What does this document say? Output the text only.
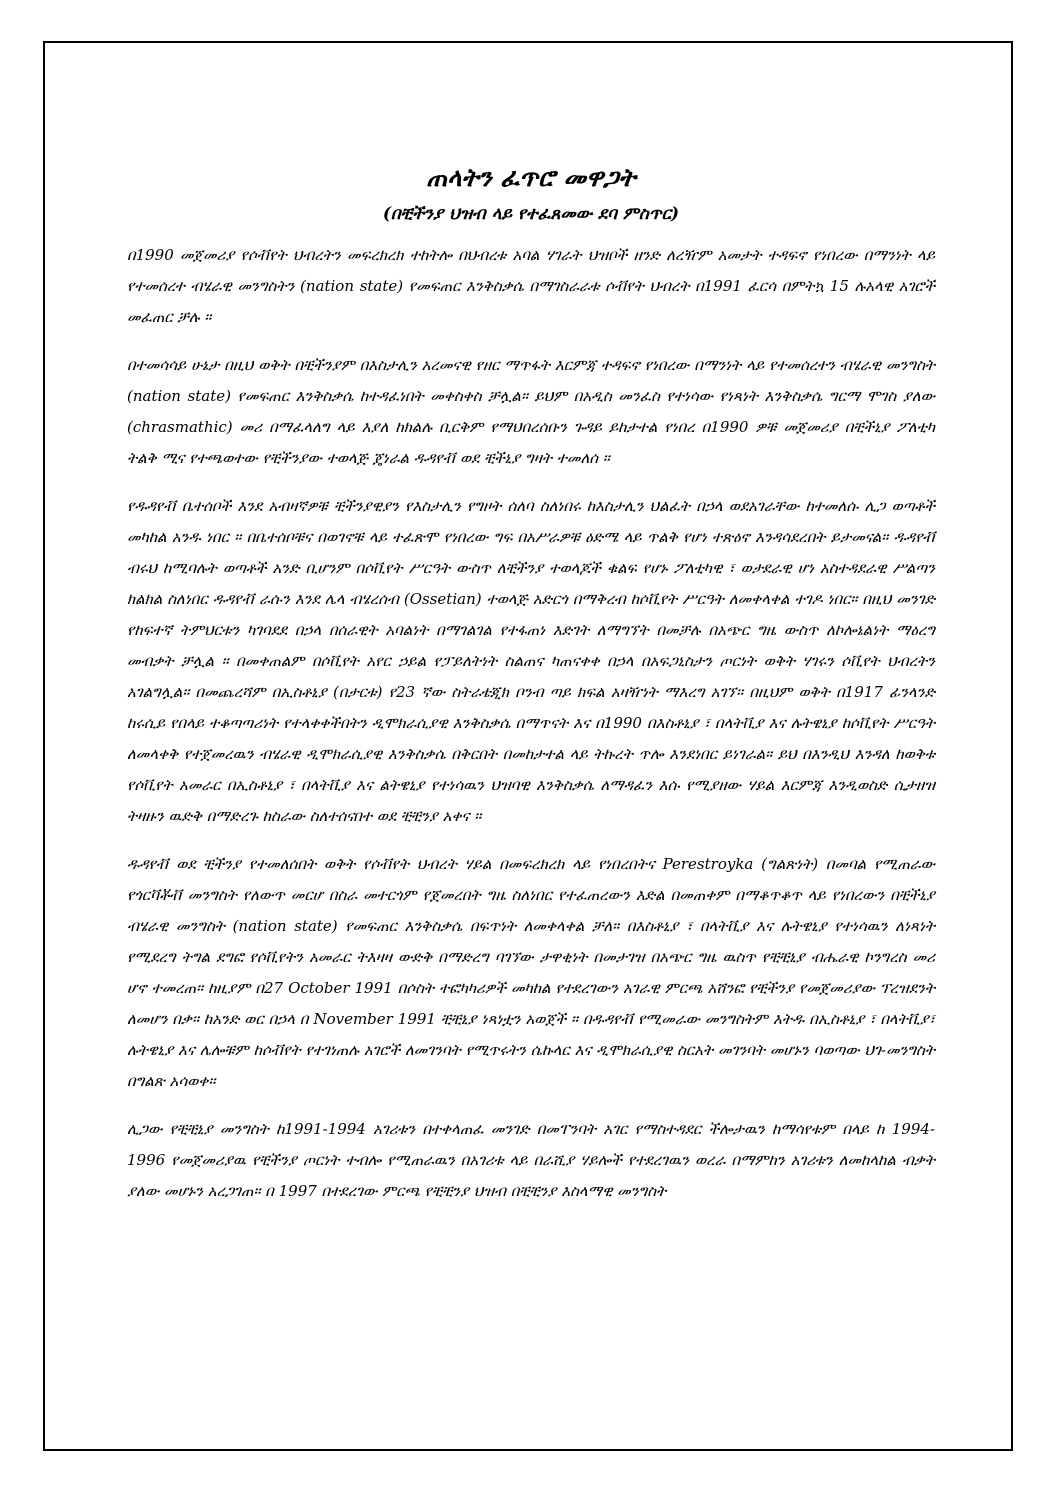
ጠላትን ፈጥሮ መዋጋት
(በቺችንያ ህዝብ ላይ የተፈጸመው ደባ ምስጥር)

በ1990 መጀመሪያ የሶቭየት ህብረትን መፍረክረክ ተከትሎ በህብረቱ አባል ሃገራት ህዝቦች ዘንድ ለረዥም አመታት ተዳፍኖ የነበረው በማንነት ላይ የተመሰረተ ብሄራዊ መንግስትን (nation state) የመፍጠር እንቅስቃሴ በማገስራራቱ ሶቭየት ህብረት በ1991 ፈርሳ በምትኳ 15 ሉአላዊ አገሮች መፈጠር ቻሉ ።

በተመሳሳይ ሁኔታ በዚህ ወቅት በቺችንያም በእስታሊን አረመናዊ የዘር ማጥፋት እርምጃ ተዳፍኖ የነበረው በማንነት ላይ የተመሰረተን ብሄራዊ መንግስት (nation state) የመፍጠር እንቅስቃሴ ከተዳፈነበት መቀስቀስ ቻሏል። ይህም በአዲስ መንፈስ የተነሳው የነጻነት እንቅስቃሴ ግርማ ሞገስ ያለው (chrasmathic) መሪ በማፈላለግ ላይ እያለ ከክልሉ ቢርቅም የማህበረሰቡን ጉዳይ ይከታተል የነበረ በ1990 ዎቹ መጀመሪያ በቺችኒያ ፖለቲካ ትልቅ ሚና የተጫወተው የቺችንያው ተወላጅ ጄነራል ዱዳየቭ ወደ ቺችኒያ ግዛት ተመለሰ ።

የዱዳየቭ ቤተሰቦች እንደ አብዛኛዎቹ ቺችንያዊያን የእስታሊን የግዞት ሰለባ ስለነበሩ ከእስታሊን ህልፈት በኃላ ወደአገራቸው ከተመለሱ ሊጋ ወጣቶች መካከል አንዱ ነበር ። በቤተሰቦቹና በወገኖቹ ላይ ተፈጽሞ የነበረው ግፍ በአሥራዎቹ ዕድሜ ላይ ጥልቅ የሆነ ተጽዕኖ እንዳሳደረበት ይታመናል። ዱዳየቭ ብሩህ ከሚባሉት ወጣቶች አንድ ቢሆንም በሶቪየት ሥርዓት ውስጥ ለቺችንያ ተወላጆች ቁልፍ የሆኑ ፖለቲካዊ ፣ ወታደራዊ ሆነ አስተዳደራዊ ሥልጣን ክልክል ስለነበር ዱዳየቭ ራሱን እንደ ሌላ ብሄረሰብ (Ossetian) ተወላጅ አድርጎ በማቅረብ ከሶቪየት ሥርዓት ለመቀላቀል ተገዶ ነበር። በዚህ መንገድ የከፍተኛ ትምህርቱን ካገባደደ በኃላ በሰራዊት አባልነት በማገልገል የተፋጠነ እድገት ለማግኘት በመቻሉ በአጭር ግዜ ውስጥ ለኮሎኔልነት ማዕረግ መብቃት ቻሏል ። በመቀጠልም በሶቪየት አየር ኃይል የፓይለትነት ስልጠና ካጠናቀቀ በኃላ በአፍጋኒስታን ጦርነት ወቅት ሃገሩን ሶቪየት ህብረትን አገልግሏል። በመጨረሻም በኢስቶኒያ (በታርቱ) የ23 ኛው ስትራቴጂክ ቦንብ ጣይ ክፍል አዛዥነት ማእረግ አገኘ። በዚህም ወቅት በ1917 ፊንላንድ ከሩሲይ የበላይ ተቆጣጣሪነት የተላቀቀችበትን ዲሞክራሲያዊ እንቅስቃሴ በማጥናት እና በ1990 በእስቶኒያ ፣ በላትቪያ እና ሉትዌኒያ ከሶቪየት ሥርዓት ለመላቀቅ የተጀመረዉን ብሄራዊ ዲሞክራሲያዊ እንቅስቃሴ በቅርበት በመከታተል ላይ ትኩረት ጥሎ እንደነበር ይነገራል። ይህ በእንዲህ እንዳለ ከወቅቱ የሶቪየት አመራር በኢስቶኒያ ፣ በላትቪያ እና ልትዌኒያ የተነሳዉን ህዝባዊ እንቅስቃሴ ለማዳፈን እሱ የሚያዘው ሃይል እርምጃ እንዲወስድ ሲታዘዝ ትዛዙን ዉድቅ በማድረጉ ከስራው ስለተሰናበተ ወደ ቺቺንያ አቀና ።

ዱዳየቭ ወደ ቺችንያ የተመለሰበት ወቅት የሶቭየት ህብረት ሃይል በመፍረክረክ ላይ የነበረበትና Perestroyka (ግልጽነት) በመባል የሚጠራው የጎርቫቾቭ መንግስት የለውጥ መርሆ በስራ መተርጎም የጀመረበት ግዜ ስለነበር የተፈጠረውን እድል በመጠቀም በማቆጥቆጥ ላይ የነበረውን በቺችኒያ ብሄራዊ መንግስት (nation state) የመፍጠር እንቅስቃሴ በፍጥነት ለመቀላቀል ቻለ። በእስቶኒያ ፣ በላትቪያ እና ሉትዌኒያ የተነሳዉን ለነጻነት የሚደረግ ትግል ደግፎ የሶቪየትን አመራር ትእዛዛ ውድቅ በማድረግ ባገኘው ታዋቂነት በመታገዝ በአጭር ግዜ ዉስጥ የቺቺኒያ ብሔራዊ ኮንግረስ መሪ ሆኖ ተመረጠ። ከዚያም በ27 October 1991 በሶስት ተፎካካሪዎች መካከል የተደረገውን አገራዊ ምርጫ አሸንፎ የቺችንያ የመጀመሪያው ፕረዝደንት ለመሆን በቃ። ከአንድ ወር በኃላ በ November 1991 ቺቺኒያ ነጻነቷን አወጀች ። በዱዳየቭ የሚመራው መንግስትም እትዱ በኢስቶኒያ ፣ በላትቪያ፣ ሉትዌኒያ እና ሌሎቹም ከሶቭየት የተገነጠሉ አገሮች ለመገንባት የሚጥሩትን ሴኩላር እና ዲሞክራሲያዊ ስርአት መገንባት መሆኑን ባወጣው ህገ-መንግስት በግልጽ አሳወቀ።

ሊጋው የቺቺኒያ መንግስት ከ1991-1994 አገሪቱን በተቀላጠፈ መንገድ በመፐንባት አገር የማስተዳደር ችሎታዉን ከማሳየቱም በላይ ከ 1994-1996 የመጀመሪያዉ የቺችንያ ጦርነት ተብሎ የሚጠራዉን በአገሪቱ ላይ በራሺያ ሃይሎች የተደረገዉን ወረራ በማምከን አገሪቱን ለመከላከል ብቃት ያለው መሆኑን አረጋገጠ። በ 1997 በተደረገው ምርጫ የቺቺንያ ህዝብ በቺቺንያ እስላማዊ መንግስት
